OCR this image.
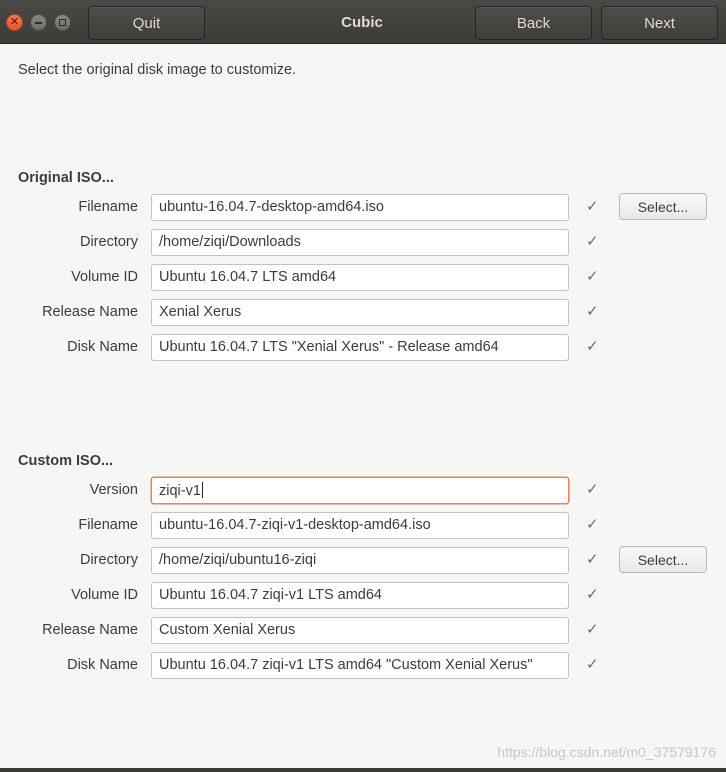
✕	Quit	Cubic	Back	Next
Select the original disk image to customize.
Original ISO...
Filename	ubuntu-16.04.7-desktop-amd64.iso	✓	Select...
Directory	/home/ziqi/Downloads	✓
Volume ID	Ubuntu 16.04.7 LTS amd64	✓
Release Name	Xenial Xerus	✓
Disk Name	Ubuntu 16.04.7 LTS "Xenial Xerus" - Release amd64	✓
Custom ISO...
Version	ziqi-v1	✓
Filename	ubuntu-16.04.7-ziqi-v1-desktop-amd64.iso	✓
Directory	/home/ziqi/ubuntu16-ziqi	✓	Select...
Volume ID	Ubuntu 16.04.7 ziqi-v1 LTS amd64	✓
Release Name	Custom Xenial Xerus	✓
Disk Name	Ubuntu 16.04.7 ziqi-v1 LTS amd64 "Custom Xenial Xerus"	✓
https://blog.csdn.net/m0_37579176
